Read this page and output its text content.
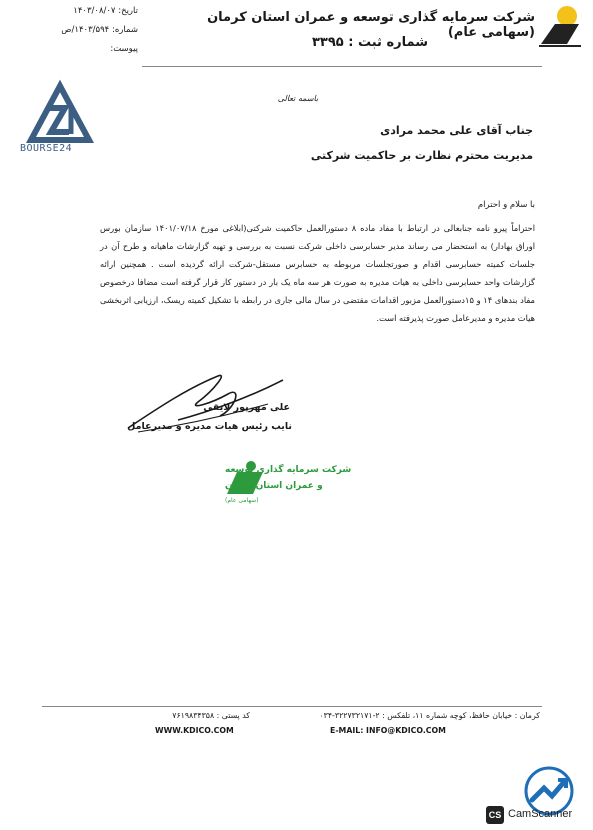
شرکت سرمایه گذاری توسعه و عمران استان کرمان (سهامی عام)
شماره ثبت : ۳۳۹۵
تاریخ: ۱۴۰۳/۰۸/۰۷
شماره: ۱۴۰۳/۵۹۴/ص
پیوست:
BOURSE24
باسمه تعالی
جناب آقای علی محمد مرادی
مدیریت محترم نظارت بر حاکمیت شرکتی
با سلام و احترام
احتراماً پیرو نامه جنابعالی در ارتباط با مفاد ماده ۸ دستورالعمل حاکمیت شرکتی(ابلاغی مورخ ۱۴۰۱/۰۷/۱۸ سازمان بورس اوراق بهادار) به استحضار می رساند مدیر حسابرسی داخلی شرکت نسبت به بررسی و تهیه گزارشات ماهیانه و طرح آن در جلسات کمیته حسابرسی اقدام و صورتجلسات مربوطه به حسابرس مستقل-شرکت ارائه گردیده است . همچنین ارائه گزارشات واحد حسابرسی داخلی به هیات مدیره به صورت هر سه ماه یک بار در دستور کار قرار گرفته است مضافا درخصوص مفاد بندهای ۱۴ و ۱۵دستورالعمل مزبور اقدامات مقتضی در سال مالی جاری در رابطه با تشکیل کمیته ریسک، ارزیابی اثربخشی هیات مدیره و مدیرعامل صورت پذیرفته است.
علی مهرپور لایقی
نایب رئیس هیات مدیره و مدیرعامل
شرکت سرمایه گذاری توسعه
و عمران استان کرمان
(سهامی عام)
کرمان : خیابان حافظ، کوچه شماره ۱۱، تلفکس : ۲-۳۲۲۷۳۲۱۷۱-۰۳۴
کد پستی : ۷۶۱۹۸۳۴۳۵۸
WWW.KDICO.COM	E-MAIL: INFO@KDICO.COM
CS CamScanner
